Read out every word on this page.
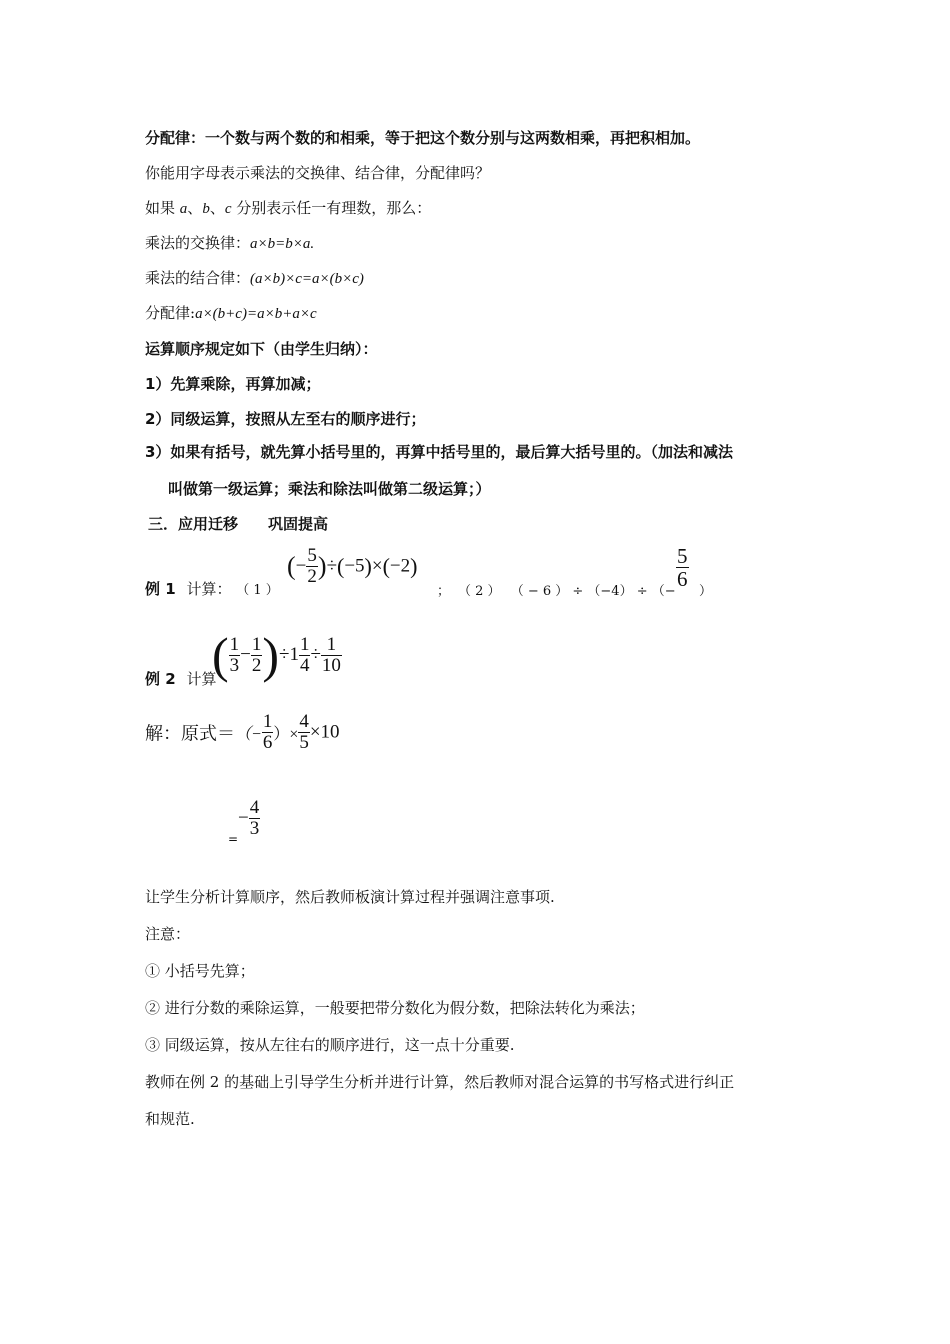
分配律：一个数与两个数的和相乘，等于把这个数分别与这两数相乘，再把积相加。
你能用字母表示乘法的交换律、结合律，分配律吗？
如果 a、b、c 分别表示任一有理数，那么：
乘法的交换律：a×b=b×a.
乘法的结合律：(a×b)×c=a×(b×c)
分配律:a×(b+c)=a×b+a×c
运算顺序规定如下（由学生归纳）：
1）先算乘除，再算加减；
2）同级运算，按照从左至右的顺序进行；
3）如果有括号，就先算小括号里的，再算中括号里的，最后算大括号里的。（加法和减法
叫做第一级运算；乘法和除法叫做第二级运算；）
三．应用迁移　　巩固提高
例 1 计算： （ 1 ）
(− $\frac{5}{2} )\div(-5)\times(-2)$
； （ 2 ） （ − 6 ） ÷ （−4） ÷ （−
$\frac{5}{6}$
）
例 2 计算
( $\frac{1}{3} - \frac{1}{2} )\div 1 \frac{1}{4} \div \frac{1}{10}$
解：原式＝（− $\frac{1}{6}$ ）× $\frac{4}{5} \times 10$
=
− $\frac{4}{3}$
让学生分析计算顺序，然后教师板演计算过程并强调注意事项.
注意：
① 小括号先算；
② 进行分数的乘除运算，一般要把带分数化为假分数，把除法转化为乘法；
③ 同级运算，按从左往右的顺序进行，这一点十分重要.
教师在例 2 的基础上引导学生分析并进行计算，然后教师对混合运算的书写格式进行纠正
和规范.
